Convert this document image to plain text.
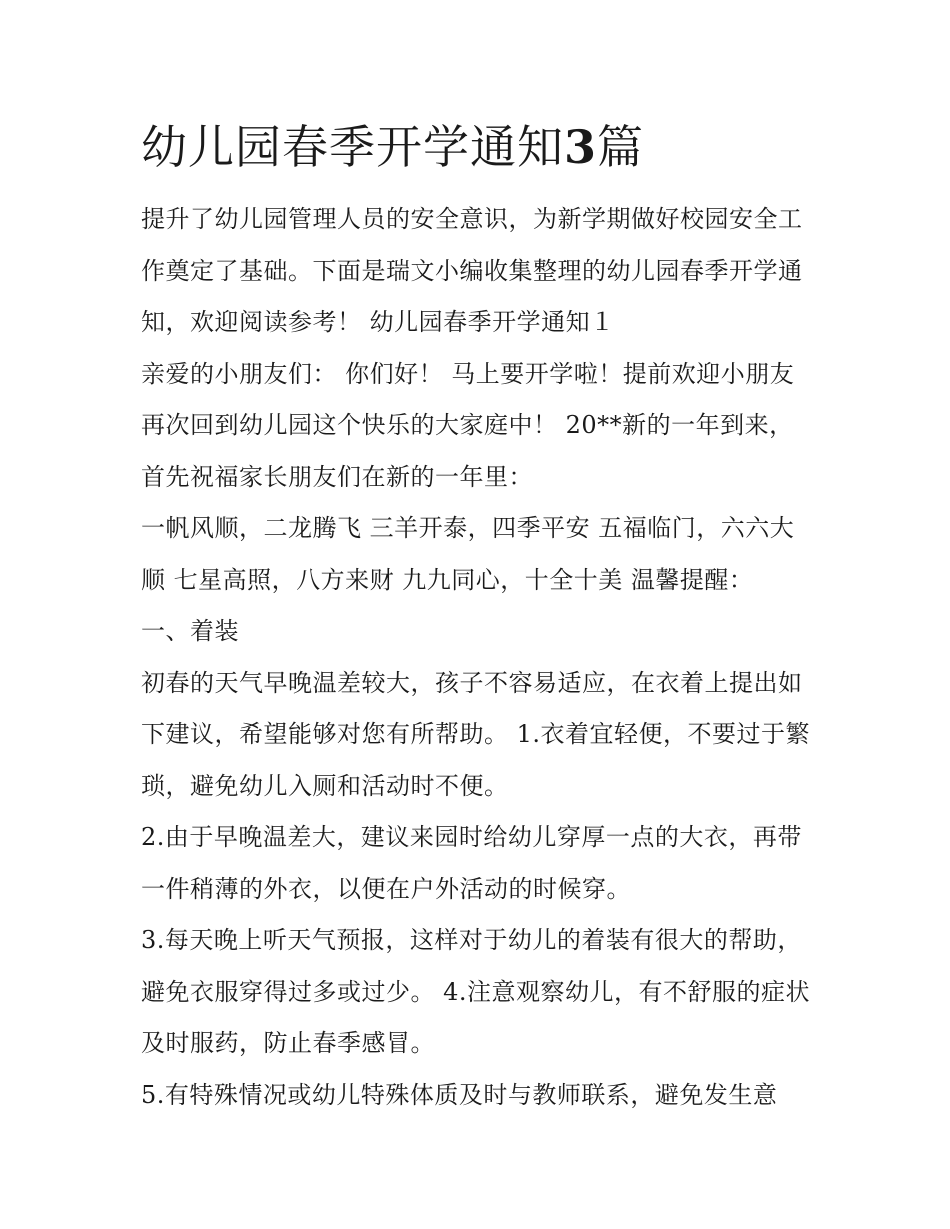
幼儿园春季开学通知3篇
提升了幼儿园管理人员的安全意识，为新学期做好校园安全工
作奠定了基础。下面是瑞文小编收集整理的幼儿园春季开学通
知，欢迎阅读参考！ 幼儿园春季开学通知１
亲爱的小朋友们： 你们好！ 马上要开学啦！提前欢迎小朋友
再次回到幼儿园这个快乐的大家庭中！ 20**新的一年到来，
首先祝福家长朋友们在新的一年里：
一帆风顺，二龙腾飞 三羊开泰，四季平安 五福临门，六六大
顺 七星高照，八方来财 九九同心，十全十美 温馨提醒：
一、着装
初春的天气早晚温差较大，孩子不容易适应，在衣着上提出如
下建议，希望能够对您有所帮助。 1.衣着宜轻便，不要过于繁
琐，避免幼儿入厕和活动时不便。
2.由于早晚温差大，建议来园时给幼儿穿厚一点的大衣，再带
一件稍薄的外衣，以便在户外活动的时候穿。
3.每天晚上听天气预报，这样对于幼儿的着装有很大的帮助，
避免衣服穿得过多或过少。 4.注意观察幼儿，有不舒服的症状
及时服药，防止春季感冒。
5.有特殊情况或幼儿特殊体质及时与教师联系，避免发生意
